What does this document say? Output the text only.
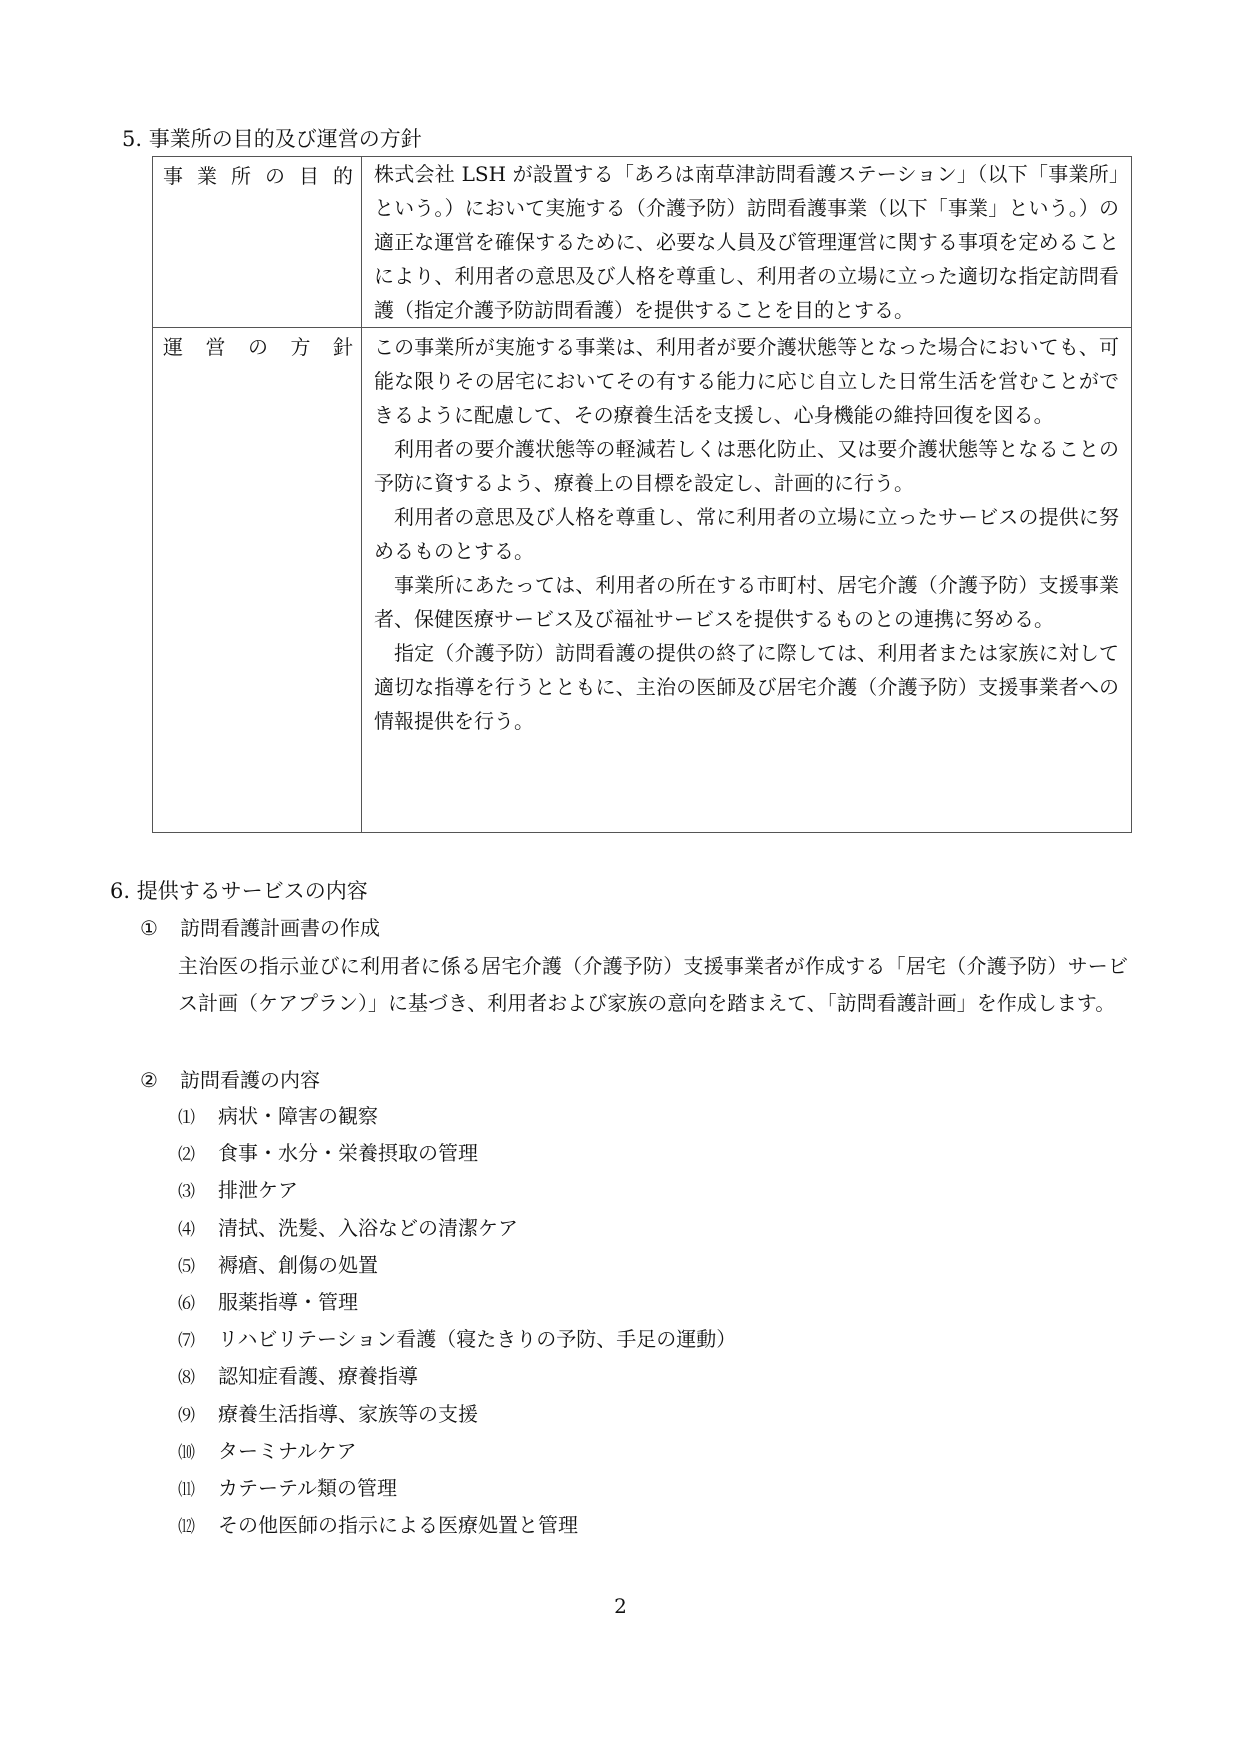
5. 事業所の目的及び運営の方針
事業所の目的	株式会社 LSH が設置する「あろは南草津訪問看護ステーション」（以下「事業所」という。）において実施する（介護予防）訪問看護事業（以下「事業」という。）の適正な運営を確保するために、必要な人員及び管理運営に関する事項を定めることにより、利用者の意思及び人格を尊重し、利用者の立場に立った適切な指定訪問看護（指定介護予防訪問看護）を提供することを目的とする。

運営の方針	この事業所が実施する事業は、利用者が要介護状態等となった場合においても、可能な限りその居宅においてその有する能力に応じ自立した日常生活を営むことができるように配慮して、その療養生活を支援し、心身機能の維持回復を図る。
利用者の要介護状態等の軽減若しくは悪化防止、又は要介護状態等となることの予防に資するよう、療養上の目標を設定し、計画的に行う。
利用者の意思及び人格を尊重し、常に利用者の立場に立ったサービスの提供に努めるものとする。
事業所にあたっては、利用者の所在する市町村、居宅介護（介護予防）支援事業者、保健医療サービス及び福祉サービスを提供するものとの連携に努める。
指定（介護予防）訪問看護の提供の終了に際しては、利用者または家族に対して適切な指導を行うとともに、主治の医師及び居宅介護（介護予防）支援事業者への情報提供を行う。
6. 提供するサービスの内容
① 訪問看護計画書の作成
主治医の指示並びに利用者に係る居宅介護（介護予防）支援事業者が作成する「居宅（介護予防）サービス計画（ケアプラン）」に基づき、利用者および家族の意向を踏まえて、「訪問看護計画」を作成します。
② 訪問看護の内容
⑴ 病状・障害の観察
⑵ 食事・水分・栄養摂取の管理
⑶ 排泄ケア
⑷ 清拭、洗髪、入浴などの清潔ケア
⑸ 褥瘡、創傷の処置
⑹ 服薬指導・管理
⑺ リハビリテーション看護（寝たきりの予防、手足の運動）
⑻ 認知症看護、療養指導
⑼ 療養生活指導、家族等の支援
⑽ ターミナルケア
⑾ カテーテル類の管理
⑿ その他医師の指示による医療処置と管理
2
